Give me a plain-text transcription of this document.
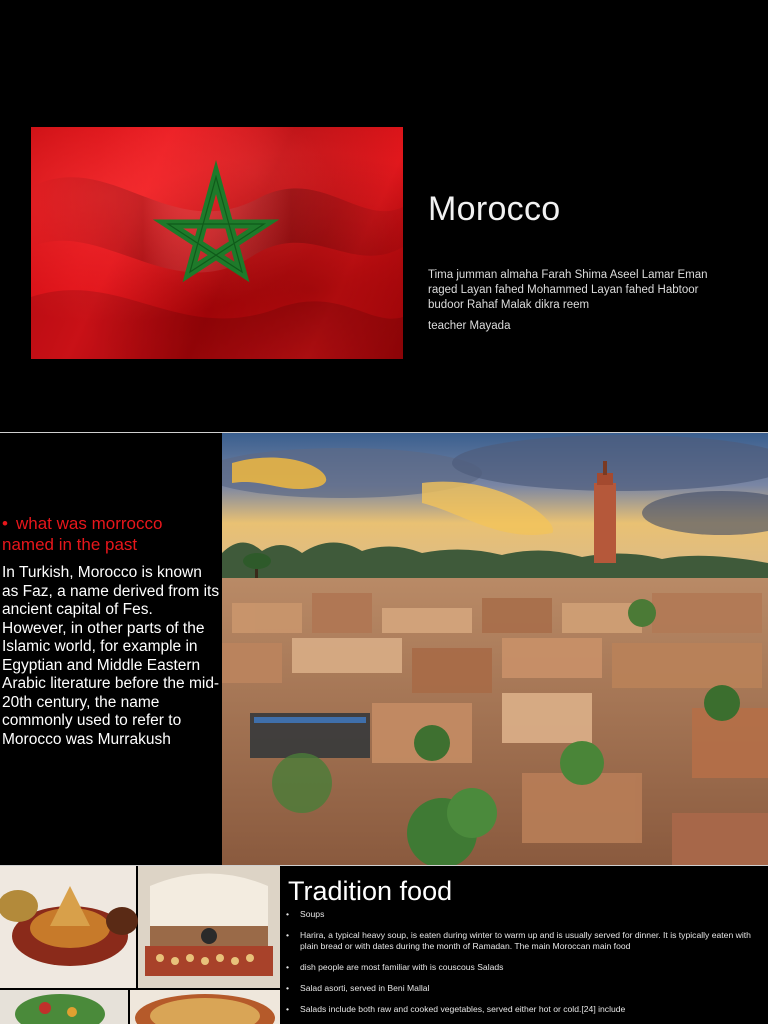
Morocco
Tima jumman almaha Farah Shima Aseel Lamar Eman raged Layan fahed Mohammed Layan fahed Habtoor budoor Rahaf Malak dikra reem
teacher Mayada
• what was morrocco named in the past
In Turkish, Morocco is known as Faz, a name derived from its ancient capital of Fes. However, in other parts of the Islamic world, for example in Egyptian and Middle Eastern Arabic literature before the mid-20th century, the name commonly used to refer to Morocco was Murrakush
Tradition food
• Soups
• Harira, a typical heavy soup, is eaten during winter to warm up and is usually served for dinner. It is typically eaten with plain bread or with dates during the month of Ramadan. The main Moroccan main food
• dish people are most familiar with is couscous Salads
• Salad asorti, served in Beni Mallal
• Salads include both raw and cooked vegetables, served either hot or cold.[24] include
